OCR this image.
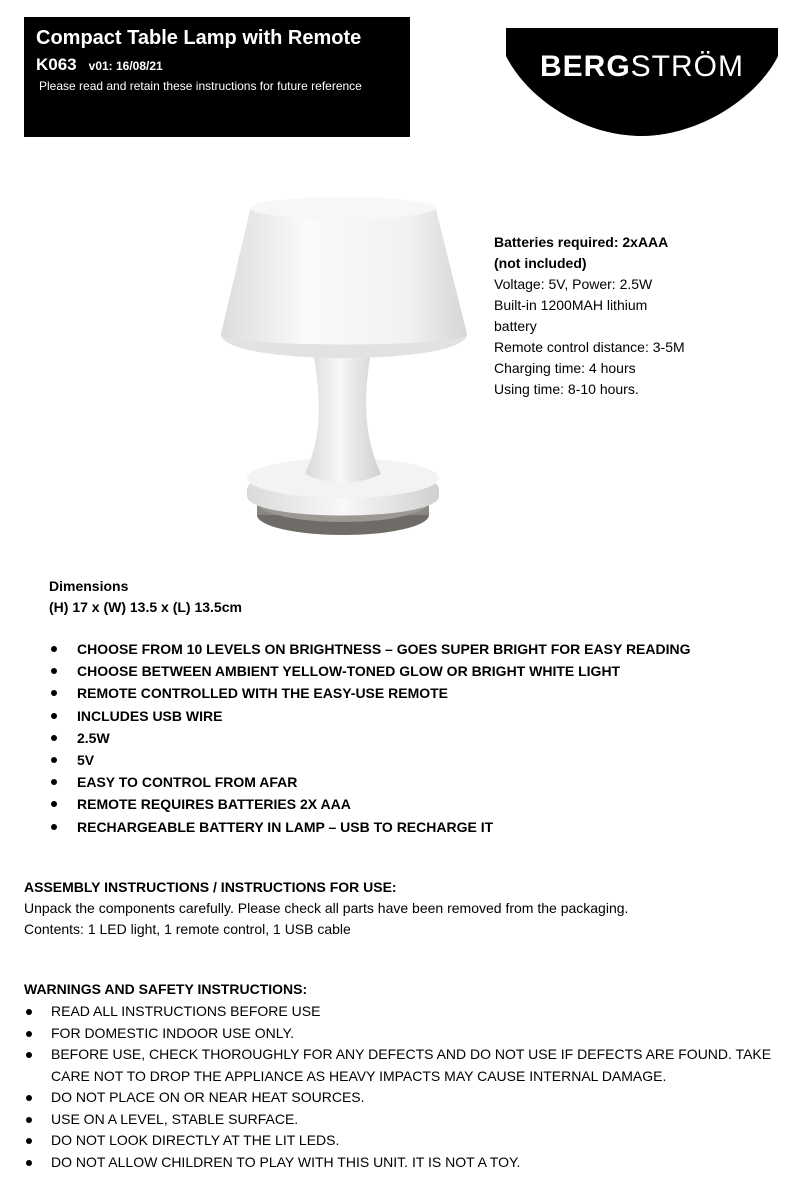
Compact Table Lamp with Remote
K063 v01: 16/08/21
Please read and retain these instructions for future reference
BERGSTRÖM
Batteries required: 2xAAA
(not included)
Voltage: 5V, Power: 2.5W
Built-in 1200MAH lithium
battery
Remote control distance: 3-5M
Charging time: 4 hours
Using time: 8-10 hours.
Dimensions
(H) 17 x (W) 13.5 x (L) 13.5cm
CHOOSE FROM 10 LEVELS ON BRIGHTNESS – GOES SUPER BRIGHT FOR EASY READING
CHOOSE BETWEEN AMBIENT YELLOW-TONED GLOW OR BRIGHT WHITE LIGHT
REMOTE CONTROLLED WITH THE EASY-USE REMOTE
INCLUDES USB WIRE
2.5W
5V
EASY TO CONTROL FROM AFAR
REMOTE REQUIRES BATTERIES 2X AAA
RECHARGEABLE BATTERY IN LAMP – USB TO RECHARGE IT
ASSEMBLY INSTRUCTIONS / INSTRUCTIONS FOR USE:
Unpack the components carefully. Please check all parts have been removed from the packaging.
Contents: 1 LED light, 1 remote control, 1 USB cable
WARNINGS AND SAFETY INSTRUCTIONS:
READ ALL INSTRUCTIONS BEFORE USE
FOR DOMESTIC INDOOR USE ONLY.
BEFORE USE, CHECK THOROUGHLY FOR ANY DEFECTS AND DO NOT USE IF DEFECTS ARE FOUND. TAKE CARE NOT TO DROP THE APPLIANCE AS HEAVY IMPACTS MAY CAUSE INTERNAL DAMAGE.
DO NOT PLACE ON OR NEAR HEAT SOURCES.
USE ON A LEVEL, STABLE SURFACE.
DO NOT LOOK DIRECTLY AT THE LIT LEDS.
DO NOT ALLOW CHILDREN TO PLAY WITH THIS UNIT. IT IS NOT A TOY.
